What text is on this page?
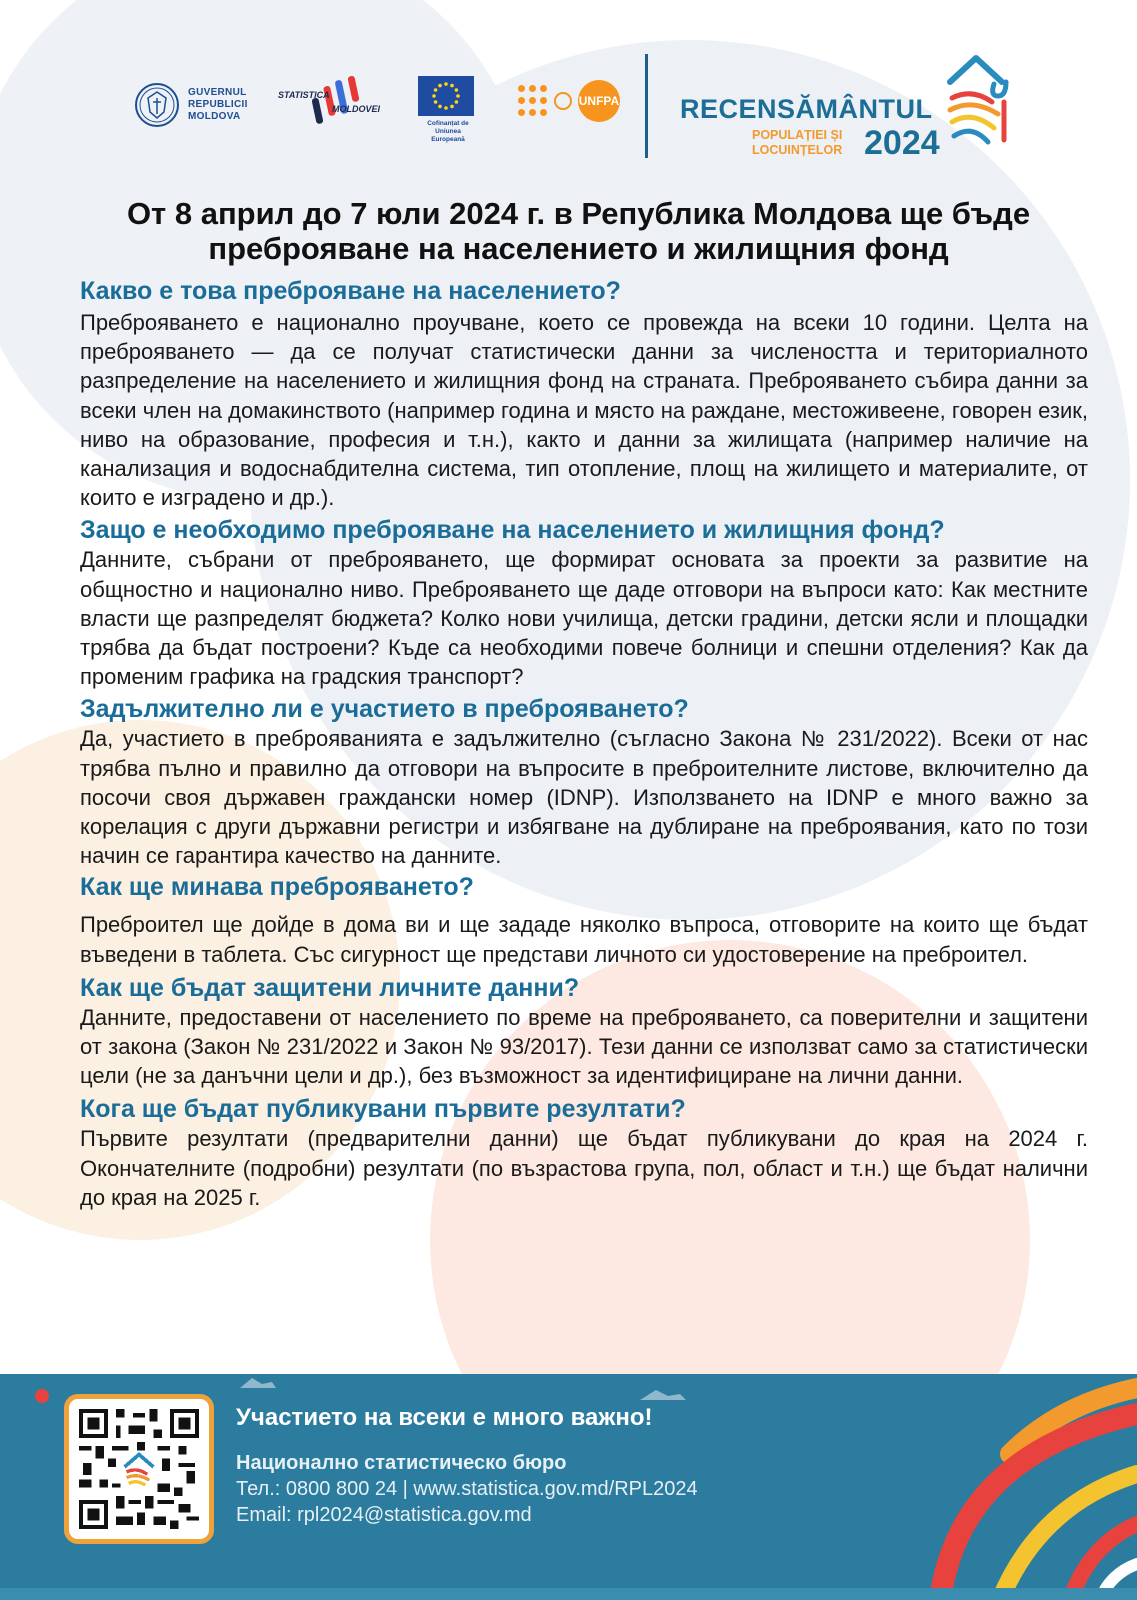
GUVERNUL
REPUBLICII
MOLDOVA
STATISTICA
MOLDOVEI
Cofinanțat de
Uniunea Europeană
UNFPA RECENSĂMÂNTUL
POPULAȚIEI ȘI
LOCUINȚELOR 2024
От 8 април до 7 юли 2024 г. в Република Молдова ще бъде преброяване на населението и жилищния фонд
Какво е това преброяване на населението?

Преброяването е национално проучване, което се провежда на всеки 10 години. Целта на преброяването — да се получат статистически данни за числеността и териториалното разпределение на населението и жилищния фонд на страната. Преброяването събира данни за всеки член на домакинството (например година и място на раждане, местоживеене, говорен език, ниво на образование, професия и т.н.), както и данни за жилищата (например наличие на канализация и водоснабдителна система, тип отопление, площ на жилището и материалите, от които е изградено и др.).

Защо е необходимо преброяване на населението и жилищния фонд?

Данните, събрани от преброяването, ще формират основата за проекти за развитие на общностно и национално ниво. Преброяването ще даде отговори на въпроси като: Как местните власти ще разпределят бюджета? Колко нови училища, детски градини, детски ясли и площадки трябва да бъдат построени? Къде са необходими повече болници и спешни отделения? Как да променим графика на градския транспорт?

Задължително ли е участието в преброяването?

Да, участието в преброяванията е задължително (съгласно Закона № 231/2022). Всеки от нас трябва пълно и правилно да отговори на въпросите в преброителните листове, включително да посочи своя държавен граждански номер (IDNP). Използването на IDNP е много важно за корелация с други държавни регистри и избягване на дублиране на преброявания, като по този начин се гарантира качество на данните.

Как ще минава преброяването?

Преброител ще дойде в дома ви и ще зададе няколко въпроса, отговорите на които ще бъдат въведени в таблета. Със сигурност ще представи личното си удостоверение на преброител.

Как ще бъдат защитени личните данни?

Данните, предоставени от населението по време на преброяването, са поверителни и защитени от закона (Закон № 231/2022 и Закон № 93/2017). Тези данни се използват само за статистически цели (не за данъчни цели и др.), без възможност за идентифициране на лични данни.

Кога ще бъдат публикувани първите резултати?

Първите резултати (предварителни данни) ще бъдат публикувани до края на 2024 г. Окончателните (подробни) резултати (по възрастова група, пол, област и т.н.) ще бъдат налични до края на 2025 г.

Участието на всеки е много важно!
Национално статистическо бюро
Тел.: 0800 800 24 | www.statistica.gov.md/RPL2024
Email: rpl2024@statistica.gov.md
